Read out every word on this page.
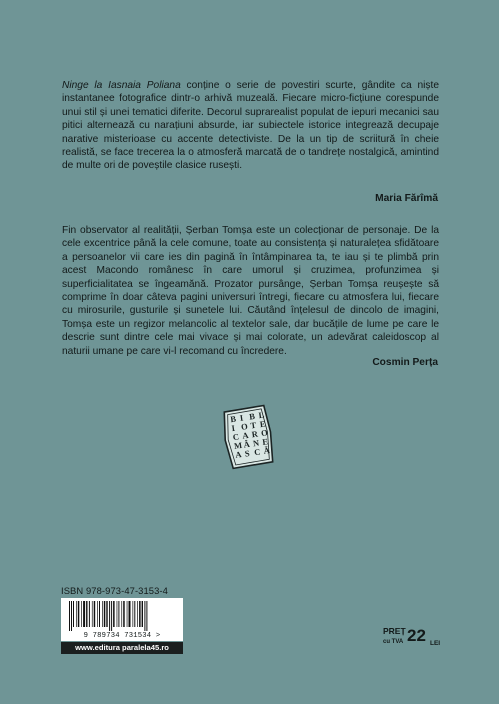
Ninge la Iasnaia Poliana conține o serie de povestiri scurte, gândite ca niște instantanee fotografice dintr-o arhivă muzeală. Fiecare micro-ficțiune corespunde unui stil și unei tematici diferite. Decorul suprarealist populat de iepuri mecanici sau pitici alternează cu narațiuni absurde, iar subiectele istorice integrează decupaje narative misterioase cu accente detectiviste. De la un tip de scriitură în cheie realistă, se face trecerea la o atmosferă marcată de o tandrețe nostalgică, amintind de multe ori de poveștile clasice rusești.

Maria Fărîmă

Fin observator al realității, Șerban Tomșa este un colecționar de personaje. De la cele excentrice până la cele comune, toate au consistența și naturalețea sfidătoare a persoanelor vii care ies din pagină în întâmpinarea ta, te iau și te plimbă prin acest Macondo românesc în care umorul și cruzimea, profunzimea și superficialitatea se îngeamănă. Prozator pursânge, Șerban Tomșa reușește să comprime în doar câteva pagini universuri întregi, fiecare cu atmosfera lui, fiecare cu mirosurile, gusturile și sunetele lui. Căutând înțelesul de dincolo de imagini, Tomșa este un regizor melancolic al textelor sale, dar bucățile de lume pe care le descrie sunt dintre cele mai vivace și mai colorate, un adevărat caleidoscop al naturii umane pe care vi-l recomand cu încredere.

Cosmin Perța

B I B L
I O T E
C A R O
M Â N E
A S C Ă
ISBN 978-973-47-3153-4
9 789734 731534 >
www.editura paralela45.ro
PREȚ
cu TVA 22 LEI
